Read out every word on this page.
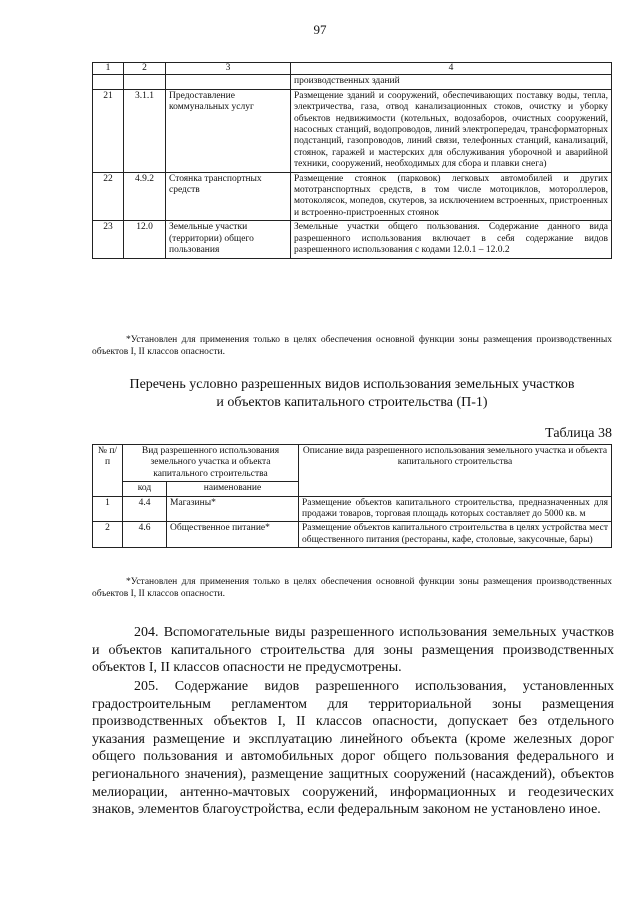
97
1	2	3	4
			производственных зданий
21	3.1.1	Предоставление коммунальных услуг	Размещение зданий и сооружений, обеспечивающих поставку воды, тепла, электричества, газа, отвод канализационных стоков, очистку и уборку объектов недвижимости (котельных, водозаборов, очистных сооружений, насосных станций, водопроводов, линий электропередач, трансформаторных подстанций, газопроводов, линий связи, телефонных станций, канализаций, стоянок, гаражей и мастерских для обслуживания уборочной и аварийной техники, сооружений, необходимых для сбора и плавки снега)
22	4.9.2	Стоянка транспортных средств	Размещение стоянок (парковок) легковых автомобилей и других мототранспортных средств, в том числе мотоциклов, мотороллеров, мотоколясок, мопедов, скутеров, за исключением встроенных, пристроенных и встроенно-пристроенных стоянок
23	12.0	Земельные участки (территории) общего пользования	Земельные участки общего пользования. Содержание данного вида разрешенного использования включает в себя содержание видов разрешенного использования с кодами 12.0.1 – 12.0.2
*Установлен для применения только в целях обеспечения основной функции зоны размещения производственных объектов I, II классов опасности.
Перечень условно разрешенных видов использования земельных участков
и объектов капитального строительства (П-1)
Таблица 38
№ п/п	Вид разрешенного использования земельного участка и объекта капитального строительства		Описание вида разрешенного использования земельного участка и объекта капитального строительства
	код	наименование	
1	4.4	Магазины*	Размещение объектов капитального строительства, предназначенных для продажи товаров, торговая площадь которых составляет до 5000 кв. м
2	4.6	Общественное питание*	Размещение объектов капитального строительства в целях устройства мест общественного питания (рестораны, кафе, столовые, закусочные, бары)
*Установлен для применения только в целях обеспечения основной функции зоны размещения производственных объектов I, II классов опасности.
204. Вспомогательные виды разрешенного использования земельных участков и объектов капитального строительства для зоны размещения производственных объектов I, II классов опасности не предусмотрены.
205. Содержание видов разрешенного использования, установленных градостроительным регламентом для территориальной зоны размещения производственных объектов I, II классов опасности, допускает без отдельного указания размещение и эксплуатацию линейного объекта (кроме железных дорог общего пользования и автомобильных дорог общего пользования федерального и регионального значения), размещение защитных сооружений (насаждений), объектов мелиорации, антенно-мачтовых сооружений, информационных и геодезических знаков, элементов благоустройства, если федеральным законом не установлено иное.
